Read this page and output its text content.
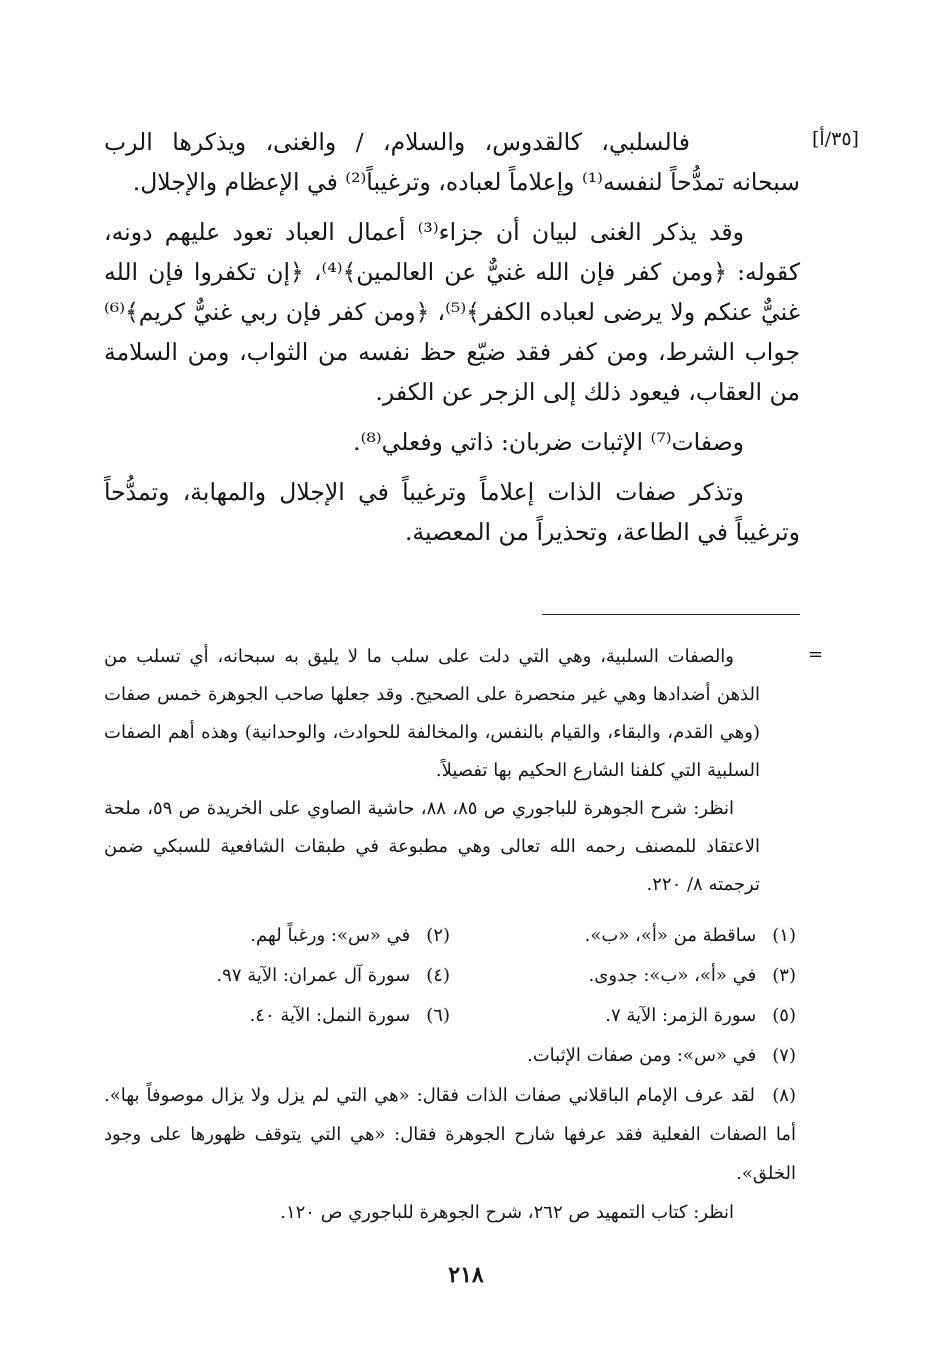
[٣٥/أ]

فالسلبي، كالقدوس، والسلام، / والغنى، ويذكرها الرب سبحانه تمدُّحاً لنفسه⁽¹⁾ وإعلاماً لعباده، وترغيباً⁽²⁾ في الإعظام والإجلال.

وقد يذكر الغنى لبيان أن جزاء⁽³⁾ أعمال العباد تعود عليهم دونه، كقوله: ﴿ومن كفر فإن الله غنيٌّ عن العالمين﴾⁽⁴⁾، ﴿إن تكفروا فإن الله غنيٌّ عنكم ولا يرضى لعباده الكفر﴾⁽⁵⁾، ﴿ومن كفر فإن ربي غنيٌّ كريم﴾⁽⁶⁾ جواب الشرط، ومن كفر فقد ضيّع حظ نفسه من الثواب، ومن السلامة من العقاب، فيعود ذلك إلى الزجر عن الكفر.

وصفات⁽⁷⁾ الإثبات ضربان: ذاتي وفعلي⁽⁸⁾.

وتذكر صفات الذات إعلاماً وترغيباً في الإجلال والمهابة، وتمدُّحاً وترغيباً في الطاعة، وتحذيراً من المعصية.

=

والصفات السلبية، وهي التي دلت على سلب ما لا يليق به سبحانه، أي تسلب من الذهن أضدادها وهي غير منحصرة على الصحيح. وقد جعلها صاحب الجوهرة خمس صفات (وهي القدم، والبقاء، والقيام بالنفس، والمخالفة للحوادث، والوحدانية) وهذه أهم الصفات السلبية التي كلفنا الشارع الحكيم بها تفصيلاً.

انظر: شرح الجوهرة للباجوري ص ٨٥، ٨٨، حاشية الصاوي على الخريدة ص ٥٩، ملحة الاعتقاد للمصنف رحمه الله تعالى وهي مطبوعة في طبقات الشافعية للسبكي ضمن ترجمته ٨/ ٢٢٠.

(١) ساقطة من «أ»، «ب».
(٢) في «س»: ورغباً لهم.
(٣) في «أ»، «ب»: جدوى.
(٤) سورة آل عمران: الآية ٩٧.
(٥) سورة الزمر: الآية ٧.
(٦) سورة النمل: الآية ٤٠.
(٧) في «س»: ومن صفات الإثبات.
(٨) لقد عرف الإمام الباقلاني صفات الذات فقال: «هي التي لم يزل ولا يزال موصوفاً بها». أما الصفات الفعلية فقد عرفها شارح الجوهرة فقال: «هي التي يتوقف ظهورها على وجود الخلق».
انظر: كتاب التمهيد ص ٢٦٢، شرح الجوهرة للباجوري ص ١٢٠.
٢١٨
